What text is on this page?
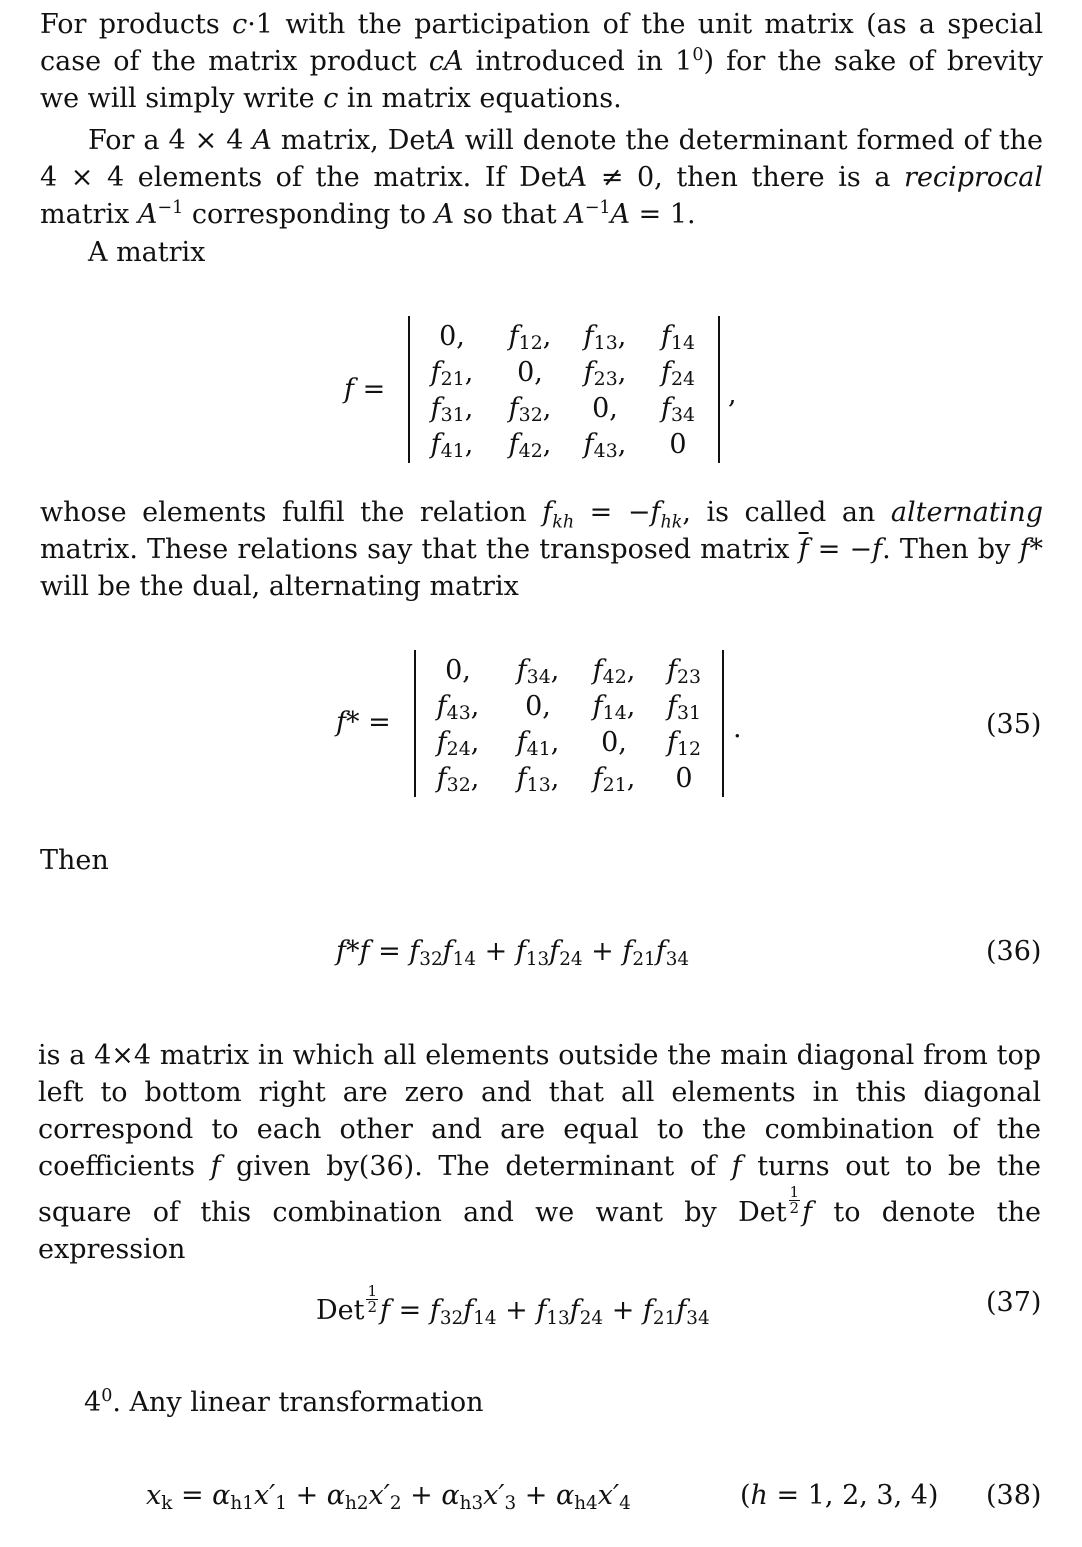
For products c·1 with the participation of the unit matrix (as a special case of the matrix product cA introduced in $1^0$) for the sake of brevity we will simply write c in matrix equations.

For a 4 × 4 A matrix, DetA will denote the determinant formed of the 4 × 4 elements of the matrix. If DetA ≠ 0, then there is a reciprocal matrix $A^{-1}$ corresponding to A so that $A^{-1}A = 1$.

A matrix

f =
0,	$f_{12}$,	$f_{13}$,	$f_{14}$
$f_{21}$,	0,	$f_{23}$,	$f_{24}$
$f_{31}$,	$f_{32}$,	0,	$f_{34}$
$f_{41}$,	$f_{42}$,	$f_{43}$,	0
,

whose elements fulfil the relation $f_{kh} = -f_{hk}$, is called an alternating matrix. These relations say that the transposed matrix $\overline{f} = -f$. Then by f* will be the dual, alternating matrix

f* =
0,	$f_{34}$,	$f_{42}$,	$f_{23}$
$f_{43}$,	0,	$f_{14}$,	$f_{31}$
$f_{24}$,	$f_{41}$,	0,	$f_{12}$
$f_{32}$,	$f_{13}$,	$f_{21}$,	0
.	(35)

Then

$f*f = f_{32}f_{14} + f_{13}f_{24} + f_{21}f_{34}$	(36)

is a 4×4 matrix in which all elements outside the main diagonal from top left to bottom right are zero and that all elements in this diagonal correspond to each other and are equal to the combination of the coefficients f given by(36). The determinant of f turns out to be the square of this combination and we want by Det $\frac{1}{2}$ f to denote the expression

Det $\frac{1}{2}$ $f = f_{32}f_{14} + f_{13}f_{24} + f_{21}f_{34}$
(37)

$4^0$. Any linear transformation

$x_k = \alpha_{h1}x'_1 + \alpha_{h2}x'_2 + \alpha_{h3}x'_3 + \alpha_{h4}x'_4$	(h = 1, 2, 3, 4) (38)
